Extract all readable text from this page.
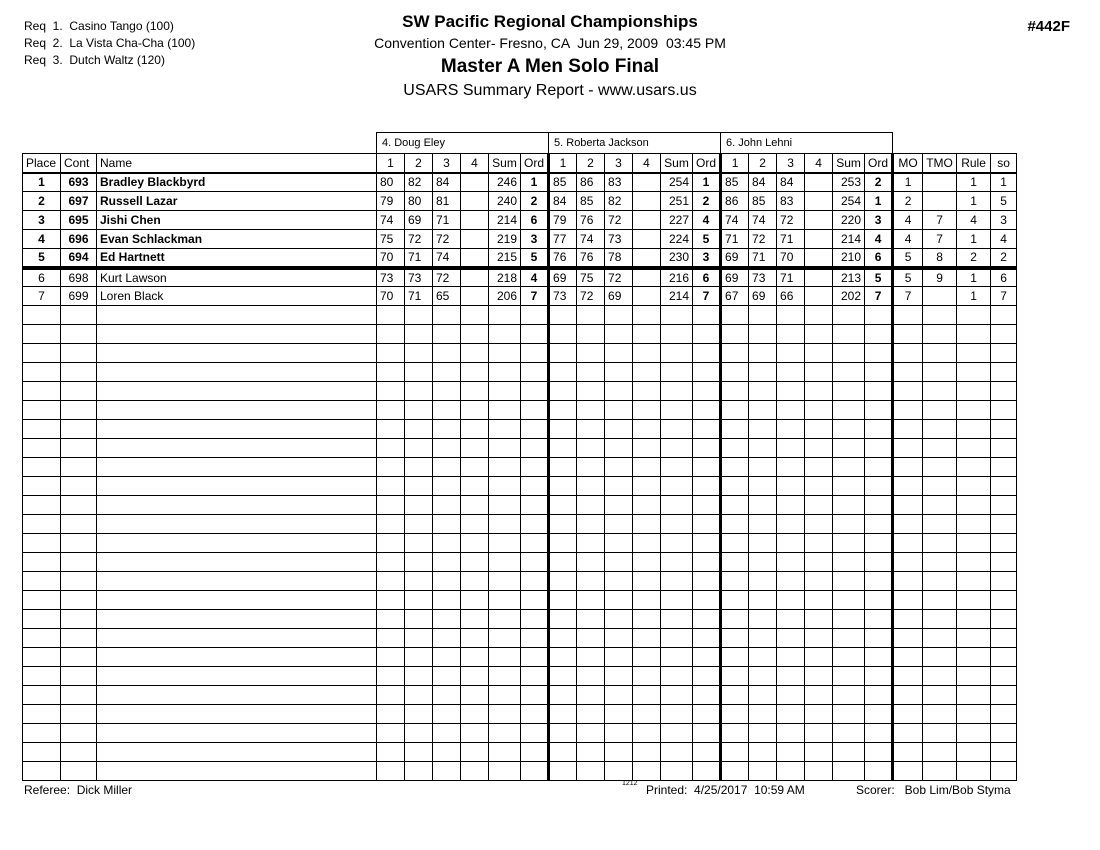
Req  1.  Casino Tango (100)
Req  2.  La Vista Cha-Cha (100)
Req  3.  Dutch Waltz (120)
SW Pacific Regional Championships
Convention Center- Fresno, CA  Jun 29, 2009  03:45 PM
Master A Men Solo Final
USARS Summary Report - www.usars.us
#442F
			4. Doug Eley						5. Roberta Jackson						6. John Lehni									
Place	Cont	Name	1	2	3	4	Sum	Ord	1	2	3	4	Sum	Ord	1	2	3	4	Sum	Ord	MO	TMO	Rule	so
1	693	Bradley Blackbyrd	80	82	84		246	1	85	86	83		254	1	85	84	84		253	2	1		1	1
2	697	Russell Lazar	79	80	81		240	2	84	85	82		251	2	86	85	83		254	1	2		1	5
3	695	Jishi Chen	74	69	71		214	6	79	76	72		227	4	74	74	72		220	3	4	7	4	3
4	696	Evan Schlackman	75	72	72		219	3	77	74	73		224	5	71	72	71		214	4	4	7	1	4
5	694	Ed Hartnett	70	71	74		215	5	76	76	78		230	3	69	71	70		210	6	5	8	2	2
6	698	Kurt Lawson	73	73	72		218	4	69	75	72		216	6	69	73	71		213	5	5	9	1	6
7	699	Loren Black	70	71	65		206	7	73	72	69		214	7	67	69	66		202	7	7		1	7

Referee:  Dick Miller	1212 Printed:  4/25/2017  10:59 AM	Scorer:   Bob Lim/Bob Styma
